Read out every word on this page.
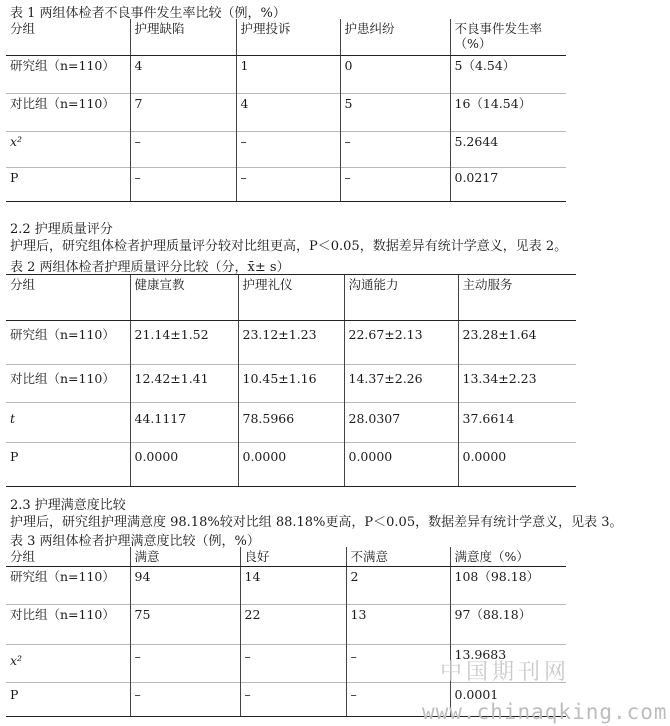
表 1 两组体检者不良事件发生率比较（例，%）
分组	护理缺陷	护理投诉	护患纠纷	不良事件发生率
（%）

研究组（n=110）	4	1	0	5（4.54）
对比组（n=110）	7	4	5	16（14.54）
x²	–	–	–	5.2644
P	–	–	–	0.0217
2.2 护理质量评分
护理后，研究组体检者护理质量评分较对比组更高，P＜0.05，数据差异有统计学意义，见表 2。
表 2 两组体检者护理质量评分比较（分，x̄± s）
分组	健康宣教	护理礼仪	沟通能力	主动服务
研究组（n=110）	21.14±1.52	23.12±1.23	22.67±2.13	23.28±1.64
对比组（n=110）	12.42±1.41	10.45±1.16	14.37±2.26	13.34±2.23
t	44.1117	78.5966	28.0307	37.6614
P	0.0000	0.0000	0.0000	0.0000
2.3 护理满意度比较
护理后，研究组护理满意度 98.18%较对比组 88.18%更高，P＜0.05，数据差异有统计学意义，见表 3。
表 3 两组体检者护理满意度比较（例，%）
分组	满意	良好	不满意	满意度（%）
研究组（n=110）	94	14	2	108（98.18）
对比组（n=110）	75	22	13	97（88.18）
x²	–	–	–	13.9683
P	–	–	–	0.0001
中国期刊网
www.chinaqking.com
